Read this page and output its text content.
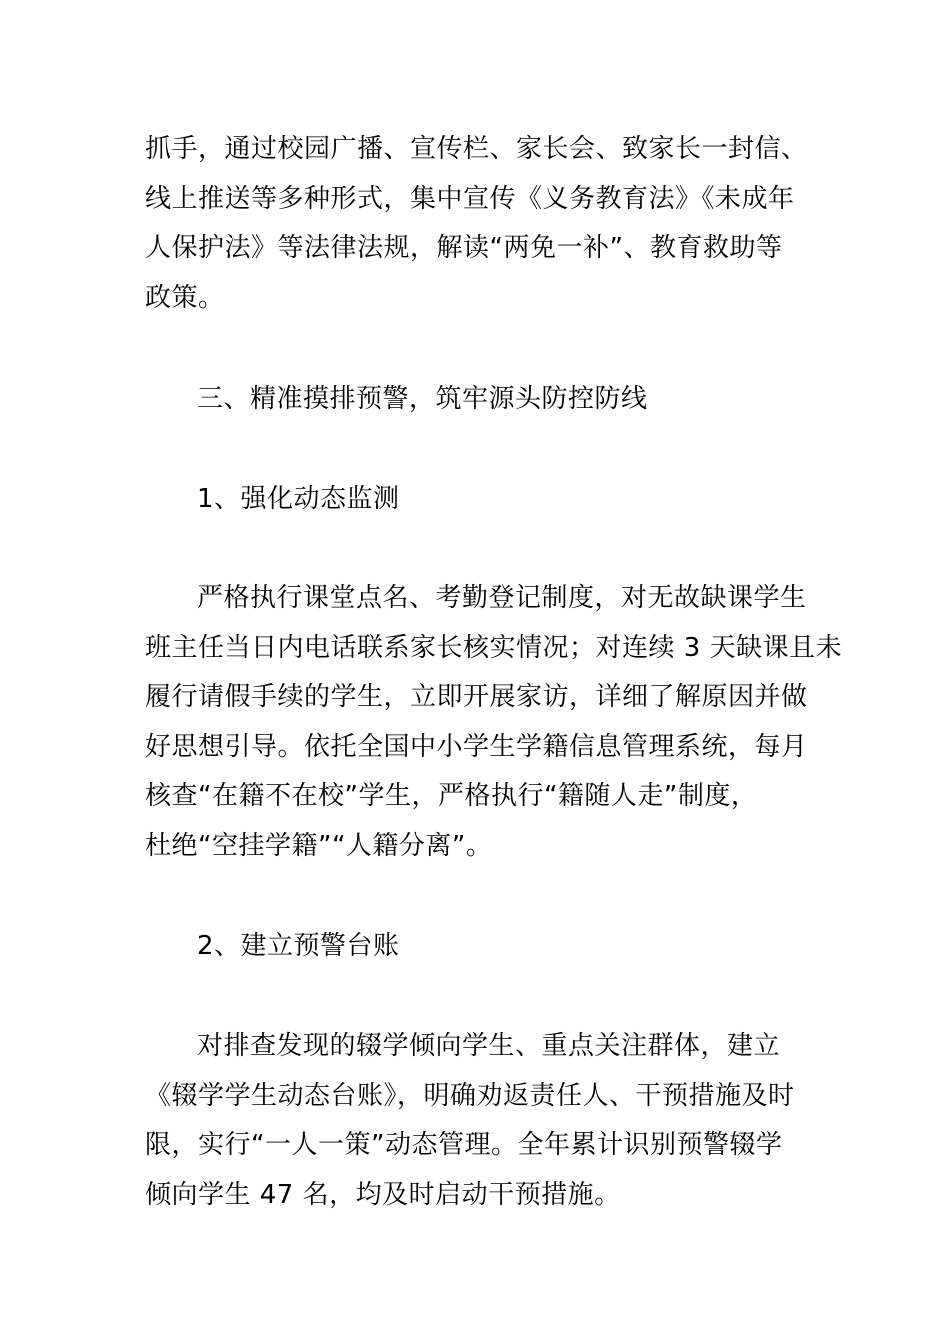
抓手，通过校园广播、宣传栏、家长会、致家长一封信、
线上推送等多种形式，集中宣传《义务教育法》《未成年
人保护法》等法律法规，解读“两免一补”、教育救助等
政策。
三、精准摸排预警，筑牢源头防控防线
1、强化动态监测
严格执行课堂点名、考勤登记制度，对无故缺课学生
班主任当日内电话联系家长核实情况；对连续 3 天缺课且未
履行请假手续的学生，立即开展家访，详细了解原因并做
好思想引导。依托全国中小学生学籍信息管理系统，每月
核查“在籍不在校”学生，严格执行“籍随人走”制度，
杜绝“空挂学籍”“人籍分离”。
2、建立预警台账
对排查发现的辍学倾向学生、重点关注群体，建立
《辍学学生动态台账》，明确劝返责任人、干预措施及时
限，实行“一人一策”动态管理。全年累计识别预警辍学
倾向学生 47 名，均及时启动干预措施。
